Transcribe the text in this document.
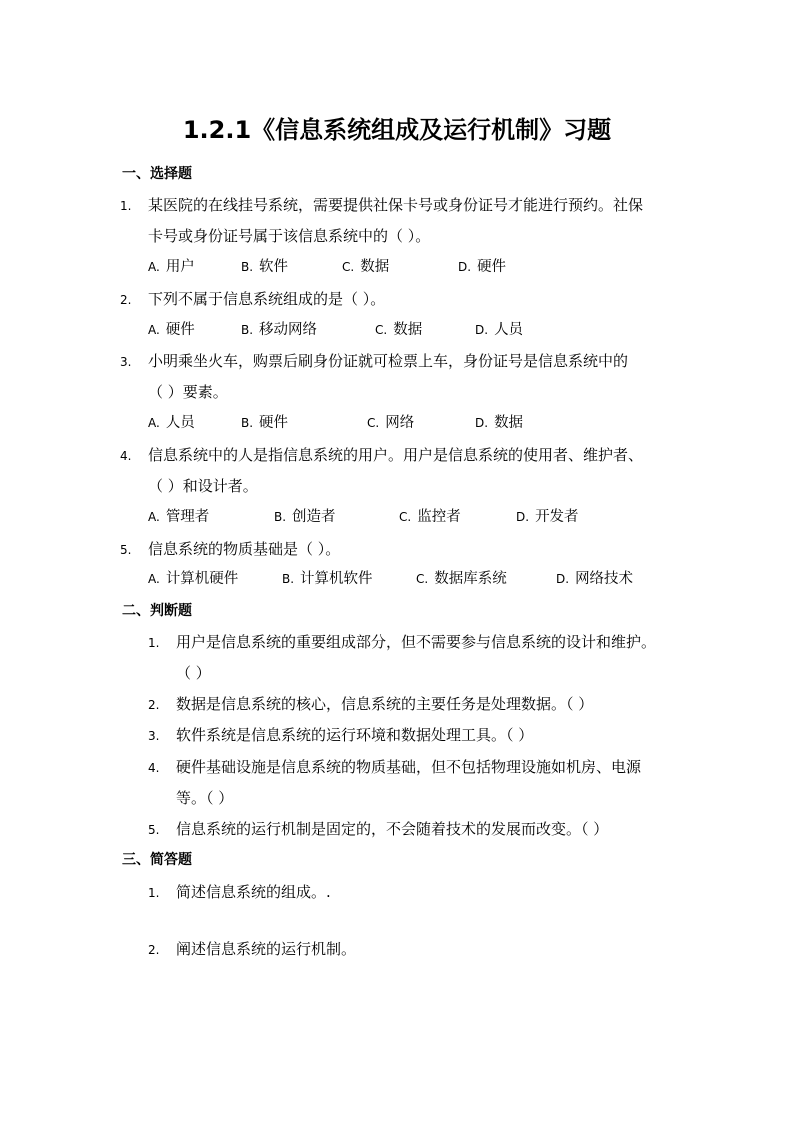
1.2.1《信息系统组成及运行机制》习题
一、选择题
1. 某医院的在线挂号系统，需要提供社保卡号或身份证号才能进行预约。社保
卡号或身份证号属于该信息系统中的（ ）。
A. 用户	B. 软件	C. 数据	D. 硬件
2. 下列不属于信息系统组成的是（ ）。
A. 硬件	B. 移动网络	C. 数据	D. 人员
3. 小明乘坐火车，购票后刷身份证就可检票上车，身份证号是信息系统中的
（ ）要素。
A. 人员	B. 硬件	C. 网络	D. 数据
4. 信息系统中的人是指信息系统的用户。用户是信息系统的使用者、维护者、
（ ）和设计者。
A. 管理者	B. 创造者	C. 监控者	D. 开发者
5. 信息系统的物质基础是（ ）。
A. 计算机硬件	B. 计算机软件	C. 数据库系统	D. 网络技术
二、判断题
1. 用户是信息系统的重要组成部分，但不需要参与信息系统的设计和维护。
（ ）
2. 数据是信息系统的核心，信息系统的主要任务是处理数据。（ ）
3. 软件系统是信息系统的运行环境和数据处理工具。（ ）
4. 硬件基础设施是信息系统的物质基础，但不包括物理设施如机房、电源
等。（ ）
5. 信息系统的运行机制是固定的，不会随着技术的发展而改变。（ ）
三、简答题
1. 简述信息系统的组成。.
2. 阐述信息系统的运行机制。
